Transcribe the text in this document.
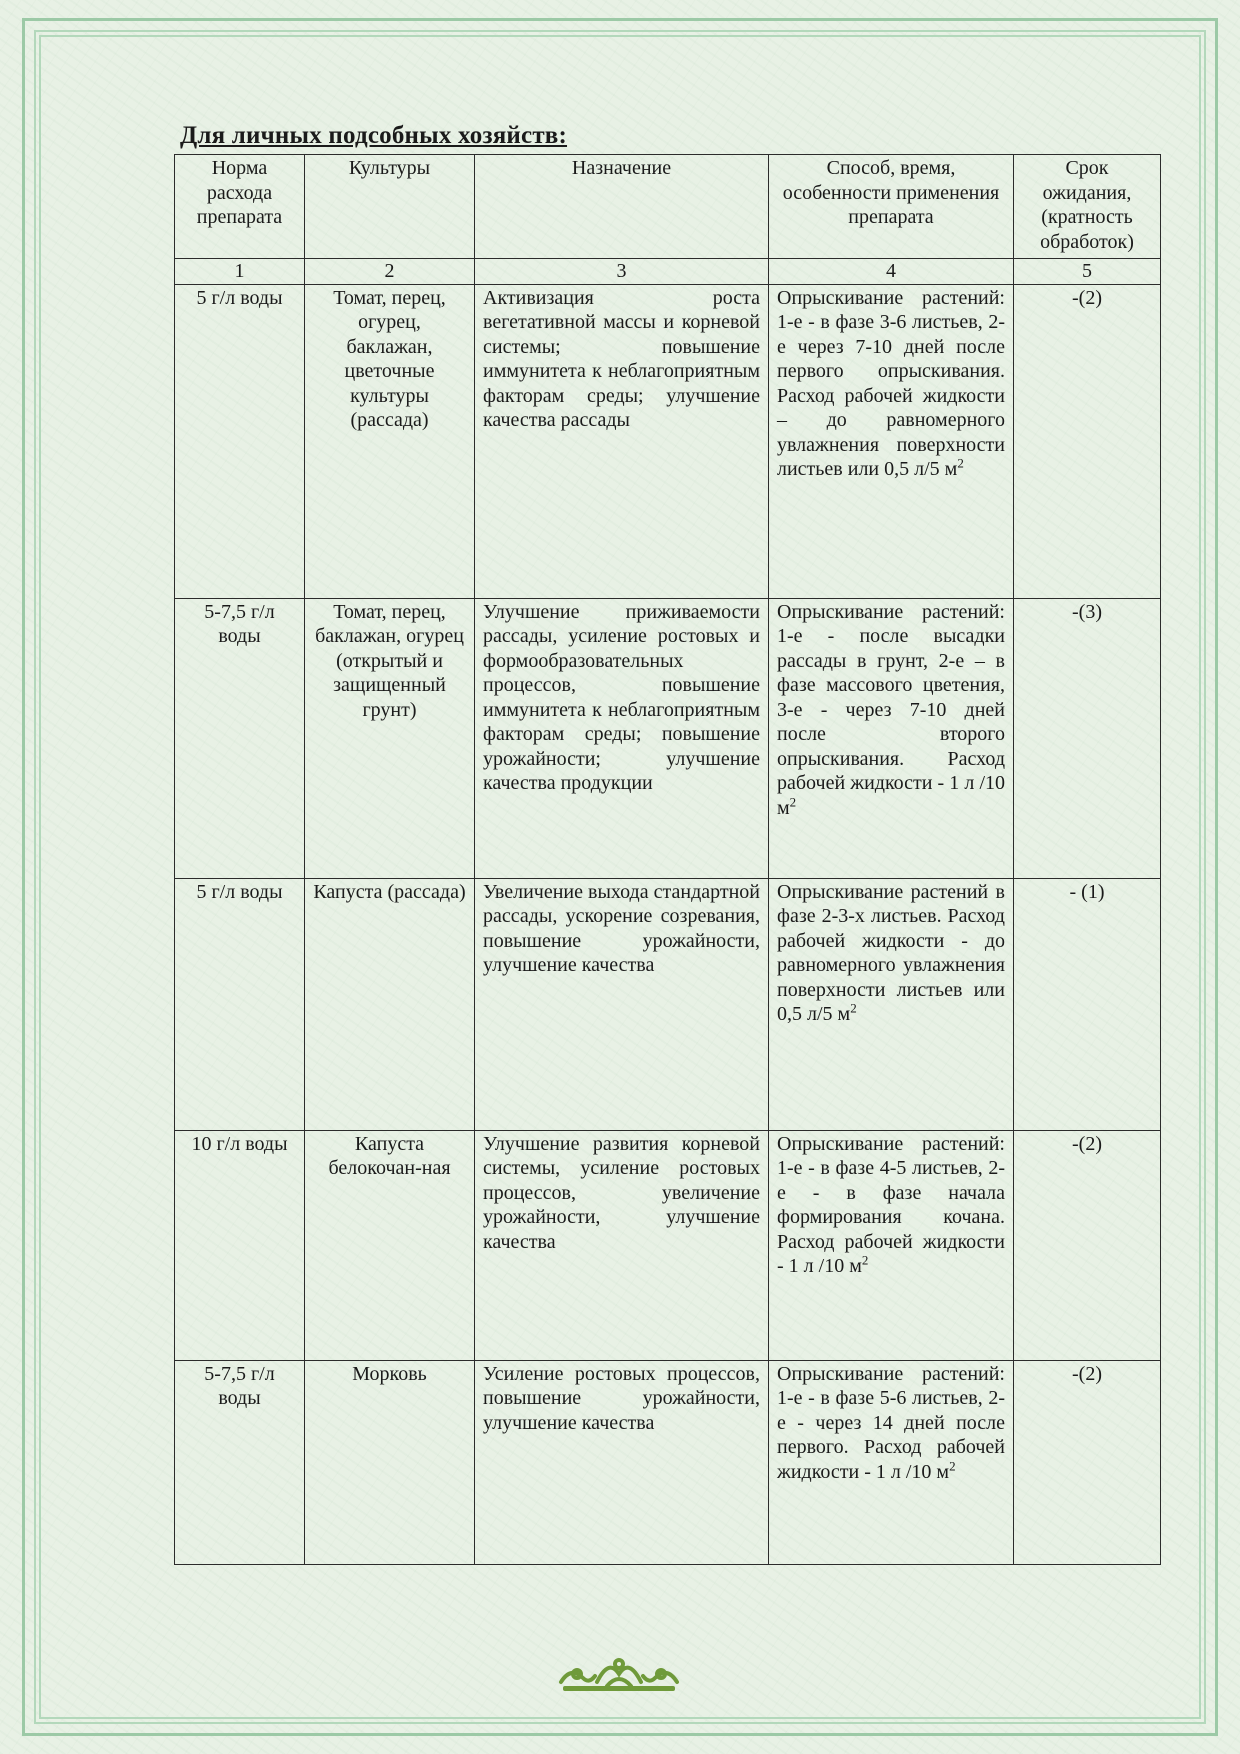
Для личных подсобных хозяйств:
Норма расхода препарата	Культуры	Назначение	Способ, время, особенности применения препарата	Срок ожидания, (кратность обработок)
1	2	3	4	5
5 г/л воды	Томат, перец, огурец, баклажан, цветочные культуры (рассада)	Активизация роста вегетативной массы и корневой системы; повышение иммунитета к неблагоприятным факторам среды; улучшение качества рассады	Опрыскивание растений: 1-е - в фазе 3-6 листьев, 2-е через 7-10 дней после первого опрыскивания. Расход рабочей жидкости – до равномерного увлажнения поверхности листьев или 0,5 л/5 $м^2$	-(2)
5-7,5 г/л воды	Томат, перец, баклажан, огурец (открытый и защищенный грунт)	Улучшение приживаемости рассады, усиление ростовых и формообразовательных процессов, повышение иммунитета к неблагоприятным факторам среды; повышение урожайности; улучшение качества продукции	Опрыскивание растений: 1-е - после высадки рассады в грунт, 2-е – в фазе массового цветения, 3-е - через 7-10 дней после второго опрыскивания. Расход рабочей жидкости - 1 л /10 $м^2$	-(3)
5 г/л воды	Капуста (рассада)	Увеличение выхода стандартной рассады, ускорение созревания, повышение урожайности, улучшение качества	Опрыскивание растений в фазе 2-3-х листьев. Расход рабочей жидкости - до равномерного увлажнения поверхности листьев или 0,5 л/5 $м^2$	- (1)
10 г/л воды	Капуста белокочан-ная	Улучшение развития корневой системы, усиление ростовых процессов, увеличение урожайности, улучшение качества	Опрыскивание растений: 1-е - в фазе 4-5 листьев, 2-е - в фазе начала формирования кочана. Расход рабочей жидкости - 1 л /10 $м^2$	-(2)
5-7,5 г/л воды	Морковь	Усиление ростовых процессов, повышение урожайности, улучшение качества	Опрыскивание растений: 1-е - в фазе 5-6 листьев, 2-е - через 14 дней после первого. Расход рабочей жидкости - 1 л /10 $м^2$	-(2)
